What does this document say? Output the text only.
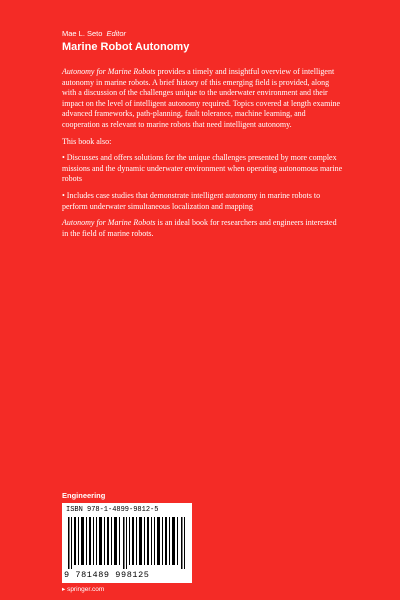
Mae L. Seto Editor
Marine Robot Autonomy

Autonomy for Marine Robots provides a timely and insightful overview of intelligent autonomy in marine robots. A brief history of this emerging field is provided, along with a discussion of the challenges unique to the underwater environment and their impact on the level of intelligent autonomy required. Topics covered at length examine advanced frameworks, path-planning, fault tolerance, machine learning, and cooperation as relevant to marine robots that need intelligent autonomy.

This book also:

• Discusses and offers solutions for the unique challenges presented by more complex missions and the dynamic underwater environment when operating autonomous marine robots

• Includes case studies that demonstrate intelligent autonomy in marine robots to perform underwater simultaneous localization and mapping

Autonomy for Marine Robots is an ideal book for researchers and engineers interested in the field of marine robots.

Engineering
ISBN 978-1-4899-9812-5
9 781489 998125
▸ springer.com
